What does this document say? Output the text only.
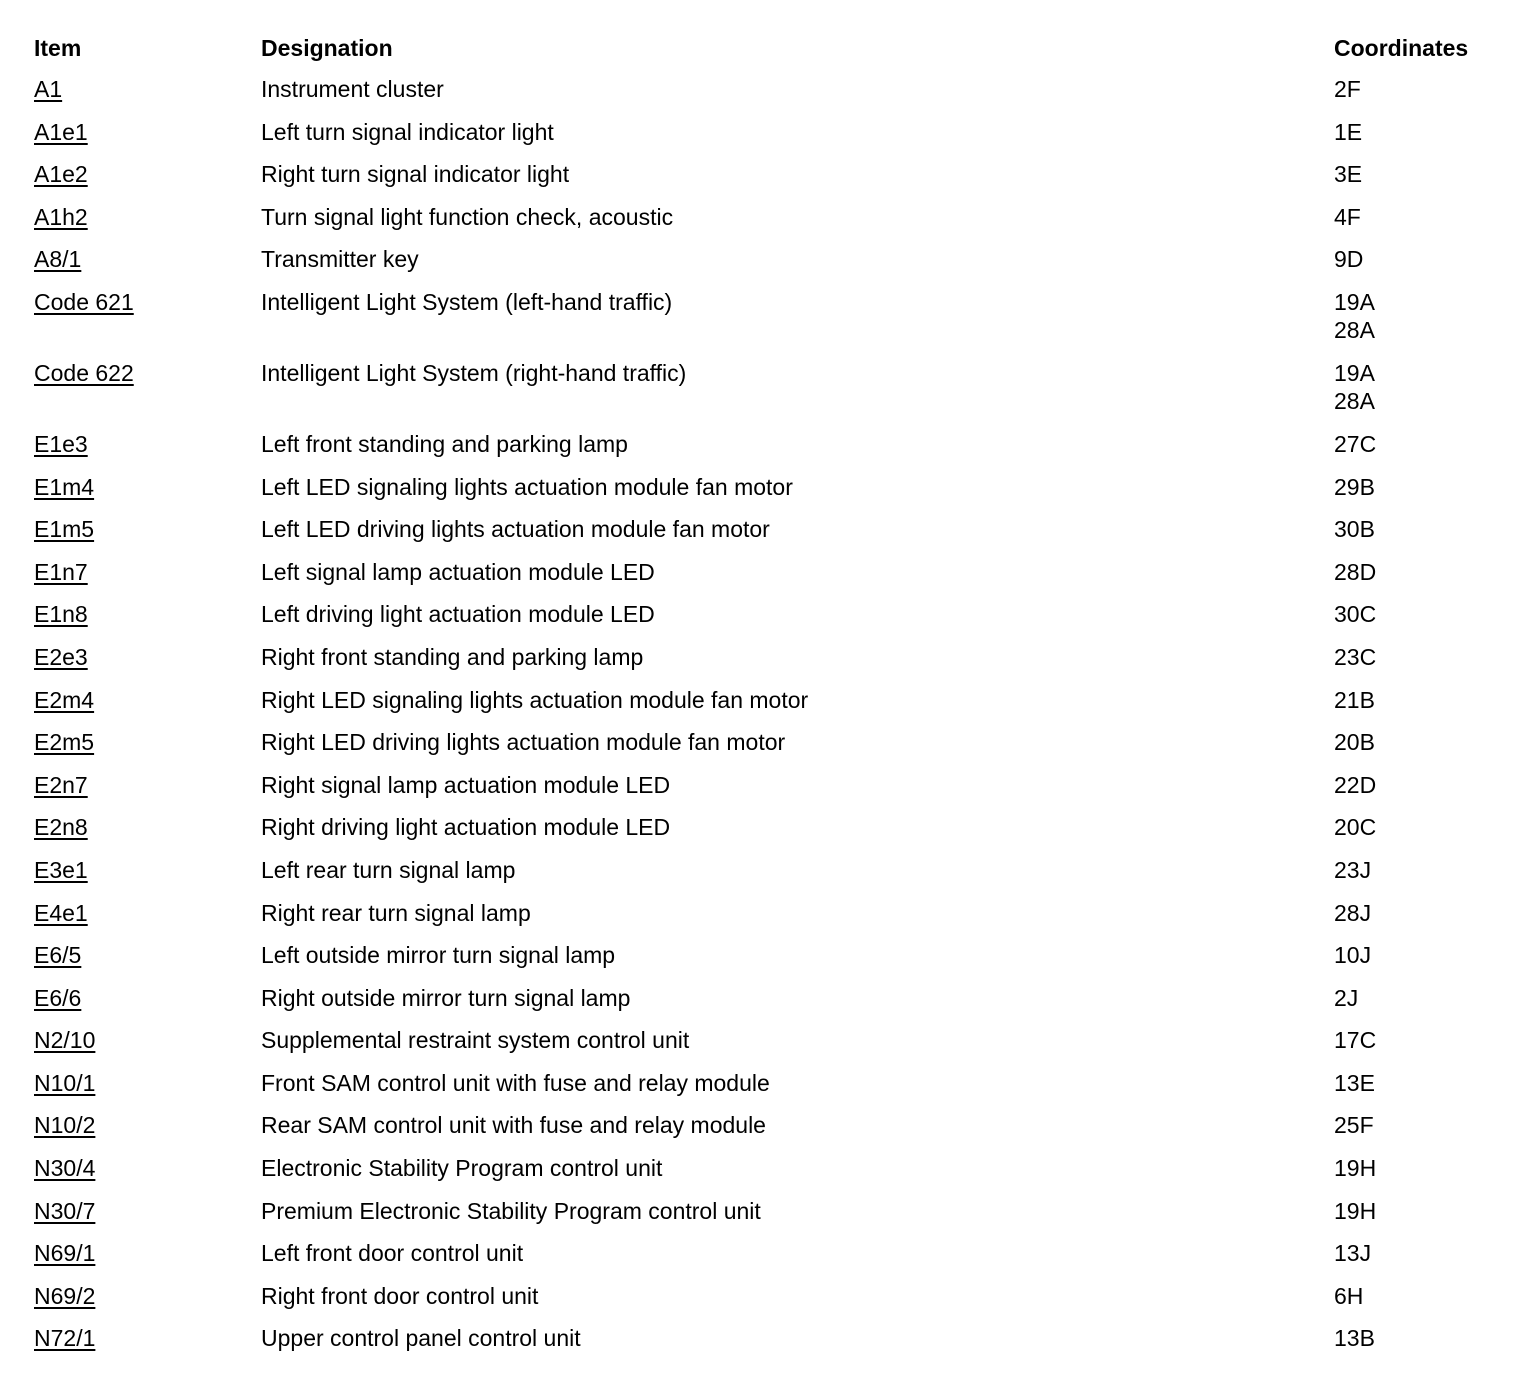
Item	Designation	Coordinates
A1	Instrument cluster	2F
A1e1	Left turn signal indicator light	1E
A1e2	Right turn signal indicator light	3E
A1h2	Turn signal light function check, acoustic	4F
A8/1	Transmitter key	9D
Code 621	Intelligent Light System (left-hand traffic)	19A
28A
Code 622	Intelligent Light System (right-hand traffic)	19A
28A
E1e3	Left front standing and parking lamp	27C
E1m4	Left LED signaling lights actuation module fan motor	29B
E1m5	Left LED driving lights actuation module fan motor	30B
E1n7	Left signal lamp actuation module LED	28D
E1n8	Left driving light actuation module LED	30C
E2e3	Right front standing and parking lamp	23C
E2m4	Right LED signaling lights actuation module fan motor	21B
E2m5	Right LED driving lights actuation module fan motor	20B
E2n7	Right signal lamp actuation module LED	22D
E2n8	Right driving light actuation module LED	20C
E3e1	Left rear turn signal lamp	23J
E4e1	Right rear turn signal lamp	28J
E6/5	Left outside mirror turn signal lamp	10J
E6/6	Right outside mirror turn signal lamp	2J
N2/10	Supplemental restraint system control unit	17C
N10/1	Front SAM control unit with fuse and relay module	13E
N10/2	Rear SAM control unit with fuse and relay module	25F
N30/4	Electronic Stability Program control unit	19H
N30/7	Premium Electronic Stability Program control unit	19H
N69/1	Left front door control unit	13J
N69/2	Right front door control unit	6H
N72/1	Upper control panel control unit	13B
